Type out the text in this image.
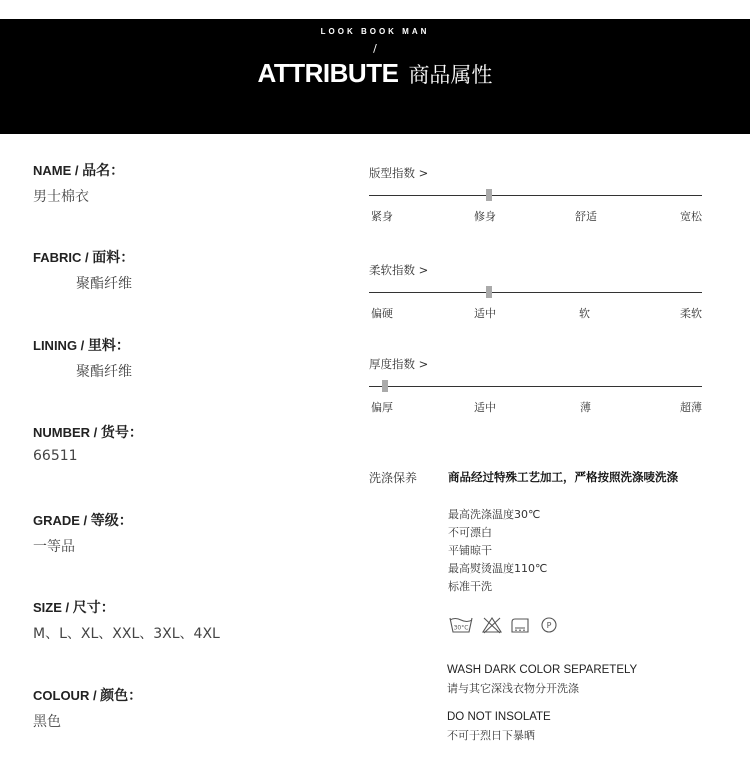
LOOK BOOK MAN
/
ATTRIBUTE 商品属性
NAME / 品名：
男士棉衣
FABRIC / 面料：
聚酯纤维
LINING / 里料：
聚酯纤维
NUMBER / 货号：
66511
GRADE / 等级：
一等品
SIZE / 尺寸：
M、L、XL、XXL、3XL、4XL
COLOUR / 颜色：
黑色
版型指数 >
紧身	修身	舒适	宽松
柔软指数 >
偏硬	适中	软	柔软
厚度指数 >
偏厚	适中	薄	超薄
洗涤保养	商品经过特殊工艺加工，严格按照洗涤唛洗涤
最高洗涤温度30℃
不可漂白
平铺晾干
最高熨烫温度110℃
标准干洗
30°C	P
WASH DARK COLOR SEPARETELY
请与其它深浅衣物分开洗涤
DO NOT INSOLATE
不可于烈日下暴晒
